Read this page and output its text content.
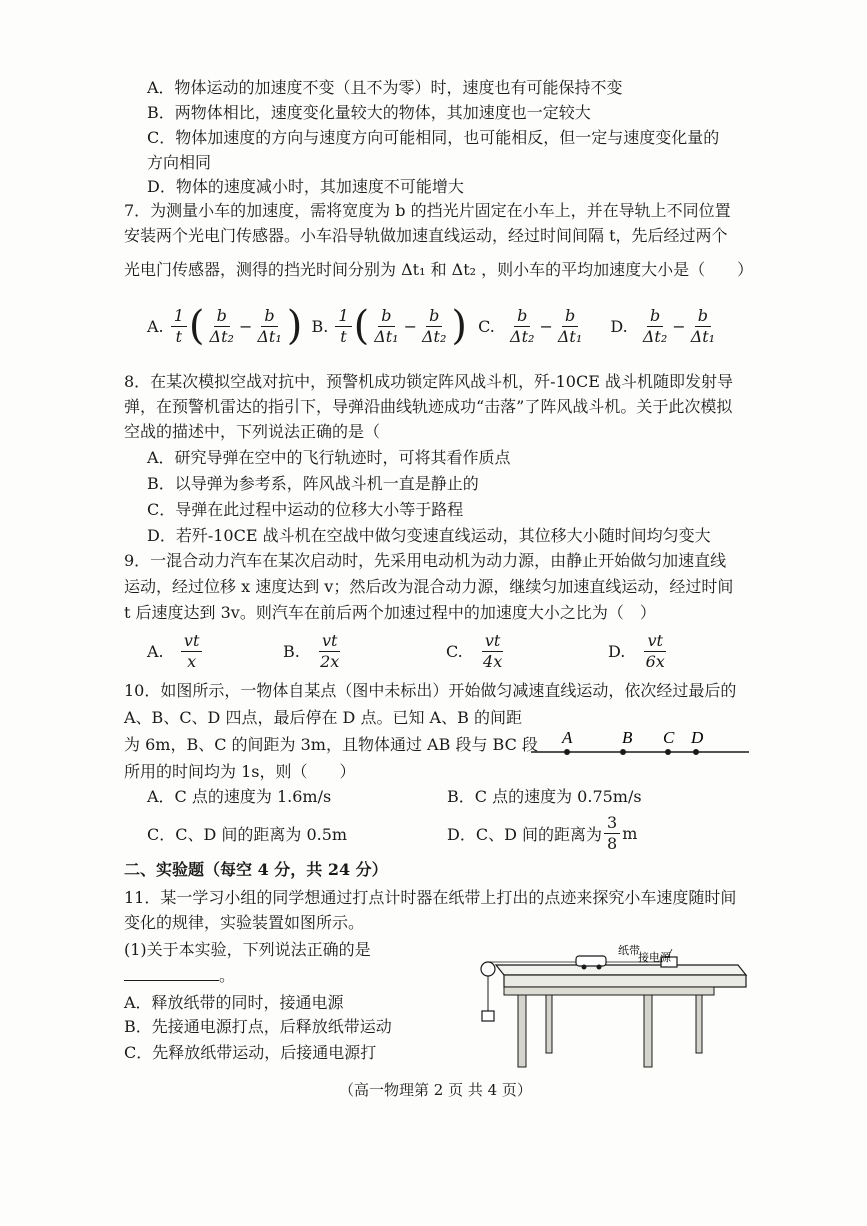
A．物体运动的加速度不变（且不为零）时，速度也有可能保持不变
B．两物体相比，速度变化量较大的物体，其加速度也一定较大
C．物体加速度的方向与速度方向可能相同，也可能相反，但一定与速度变化量的
方向相同
D．物体的速度减小时，其加速度不可能增大
7．为测量小车的加速度，需将宽度为 b 的挡光片固定在小车上，并在导轨上不同位置
安装两个光电门传感器。小车沿导轨做加速直线运动，经过时间间隔 t，先后经过两个
光电门传感器，测得的挡光时间分别为 Δt₁ 和 Δt₂ ，则小车的平均加速度大小是（　　）
A.
$\frac{1}{t}$ ( $\frac{b}{\text{Δt₂}} - \frac{b}{\text{Δt₁}}$ )
B.
$\frac{1}{t}$ ( $\frac{b}{\text{Δt₁}} - \frac{b}{\text{Δt₂}}$ )
C.
$\frac{b}{\text{Δt₂}} - \frac{b}{\text{Δt₁}}$
D.
$\frac{b}{\text{Δt₂}} - \frac{b}{\text{Δt₁}}$
8．在某次模拟空战对抗中，预警机成功锁定阵风战斗机，歼-10CE 战斗机随即发射导
弹，在预警机雷达的指引下，导弹沿曲线轨迹成功“击落”了阵风战斗机。关于此次模拟
空战的描述中，下列说法正确的是（
A．研究导弹在空中的飞行轨迹时，可将其看作质点
B．以导弹为参考系，阵风战斗机一直是静止的
C．导弹在此过程中运动的位移大小等于路程
D．若歼-10CE 战斗机在空战中做匀变速直线运动，其位移大小随时间均匀变大
9．一混合动力汽车在某次启动时，先采用电动机为动力源，由静止开始做匀加速直线
运动，经过位移 x 速度达到 v；然后改为混合动力源，继续匀加速直线运动，经过时间
t 后速度达到 3v。则汽车在前后两个加速过程中的加速度大小之比为（　）
A.
$\frac{vt}{x}$	B.
$\frac{vt}{2x}$	C.
$\frac{vt}{4x}$	D.
$\frac{vt}{6x}$
10．如图所示，一物体自某点（图中未标出）开始做匀减速直线运动，依次经过最后的
A、B、C、D 四点，最后停在 D 点。已知 A、B 的间距
为 6m，B、C 的间距为 3m，且物体通过 AB 段与 BC 段
所用的时间均为 1s，则（　　）
A	B C D
A．C 点的速度为 1.6m/s	B．C 点的速度为 0.75m/s
C．C、D 间的距离为 0.5m	D．C、D 间的距离为 $\frac{3}{8}$ m
二、实验题（每空 4 分，共 24 分）
11．某一学习小组的同学想通过打点计时器在纸带上打出的点迹来探究小车速度随时间
变化的规律，实验装置如图所示。
(1)关于本实验，下列说法正确的是
。
A．释放纸带的同时，接通电源
B．先接通电源打点，后释放纸带运动
C．先释放纸带运动，后接通电源打
接电源
纸带
（高一物理第 2 页 共 4 页）
